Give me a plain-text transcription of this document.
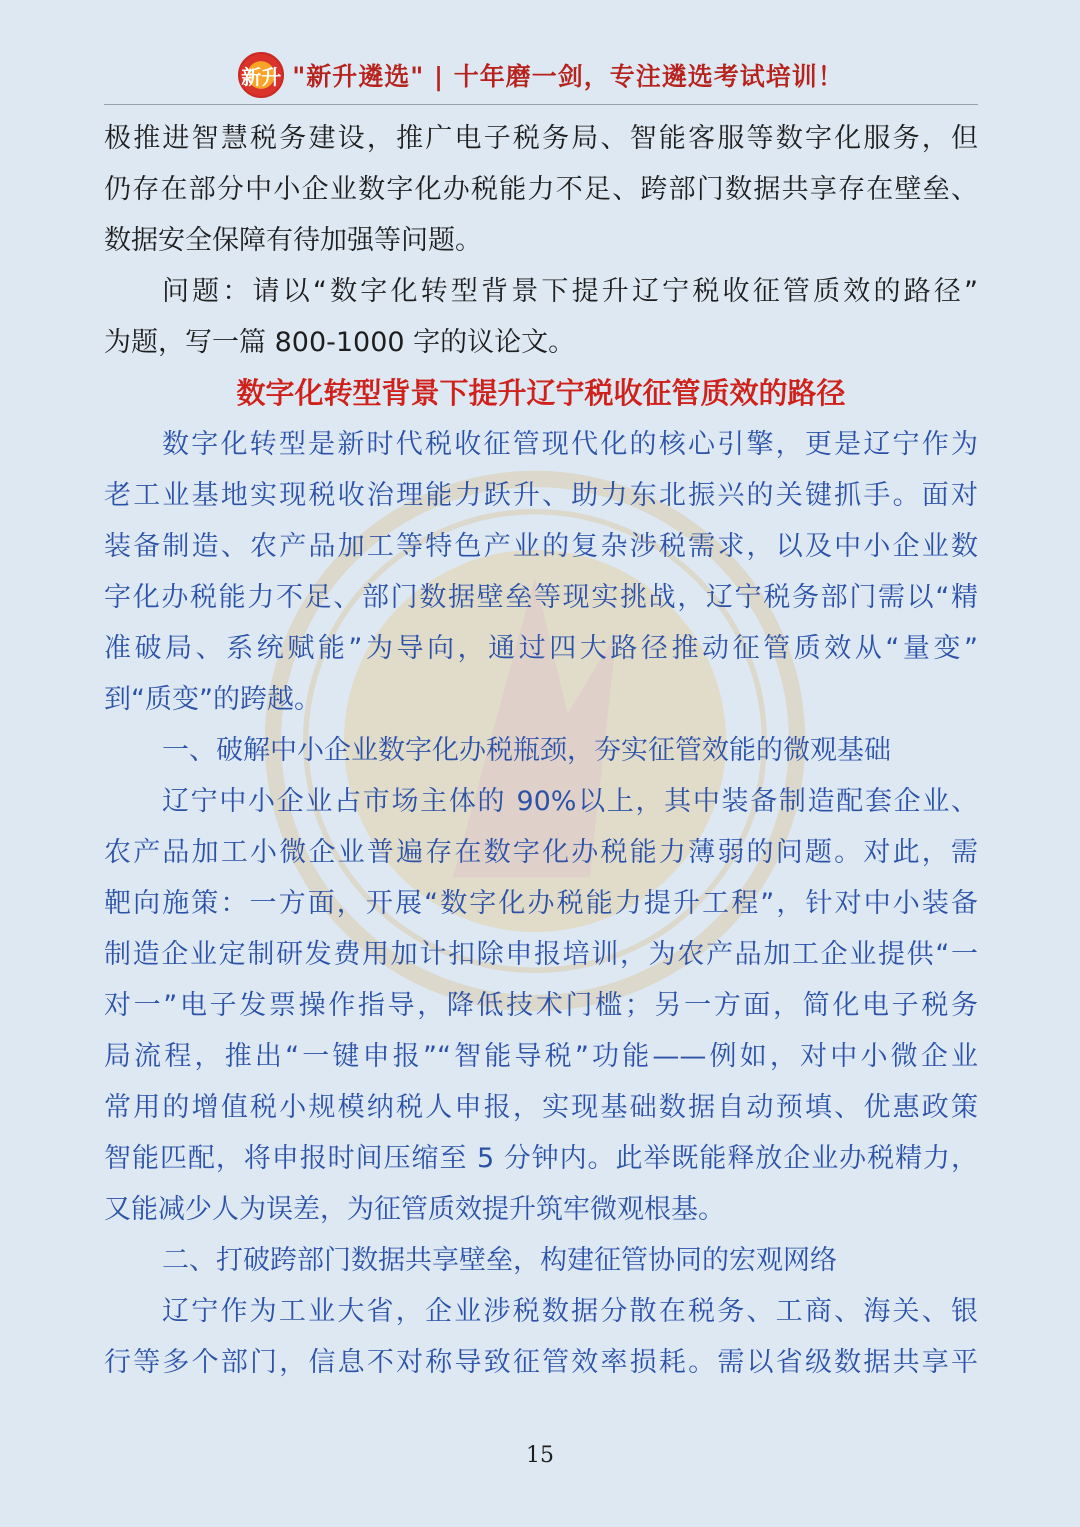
新升 "新升遴选" | 十年磨一剑，专注遴选考试培训！
极推进智慧税务建设，推广电子税务局、智能客服等数字化服务，但
仍存在部分中小企业数字化办税能力不足、跨部门数据共享存在壁垒、
数据安全保障有待加强等问题。
问题：请以“数字化转型背景下提升辽宁税收征管质效的路径”
为题，写一篇 800-1000 字的议论文。
数字化转型背景下提升辽宁税收征管质效的路径
数字化转型是新时代税收征管现代化的核心引擎，更是辽宁作为
老工业基地实现税收治理能力跃升、助力东北振兴的关键抓手。面对
装备制造、农产品加工等特色产业的复杂涉税需求，以及中小企业数
字化办税能力不足、部门数据壁垒等现实挑战，辽宁税务部门需以“精
准破局、系统赋能”为导向，通过四大路径推动征管质效从“量变”
到“质变”的跨越。
一、破解中小企业数字化办税瓶颈，夯实征管效能的微观基础
辽宁中小企业占市场主体的 90%以上，其中装备制造配套企业、
农产品加工小微企业普遍存在数字化办税能力薄弱的问题。对此，需
靶向施策：一方面，开展“数字化办税能力提升工程”，针对中小装备
制造企业定制研发费用加计扣除申报培训，为农产品加工企业提供“一
对一”电子发票操作指导，降低技术门槛；另一方面，简化电子税务
局流程，推出“一键申报”“智能导税”功能——例如，对中小微企业
常用的增值税小规模纳税人申报，实现基础数据自动预填、优惠政策
智能匹配，将申报时间压缩至 5 分钟内。此举既能释放企业办税精力，
又能减少人为误差，为征管质效提升筑牢微观根基。
二、打破跨部门数据共享壁垒，构建征管协同的宏观网络
辽宁作为工业大省，企业涉税数据分散在税务、工商、海关、银
行等多个部门，信息不对称导致征管效率损耗。需以省级数据共享平
15
